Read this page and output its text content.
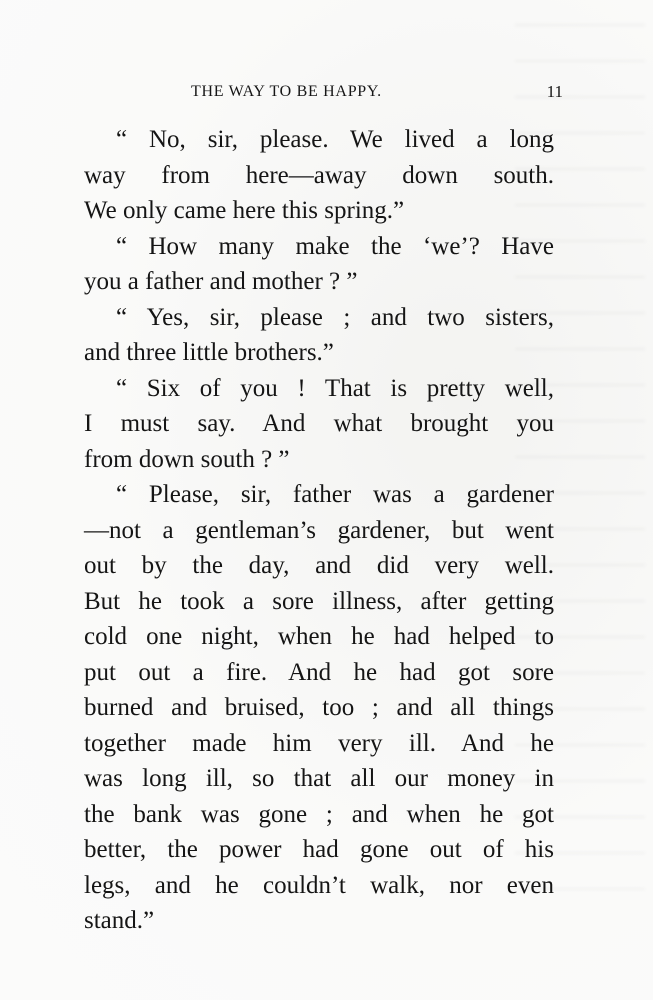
THE WAY TO BE HAPPY.	11
“ No, sir, please. We lived a long
way from here—away down south.
We only came here this spring.”
“ How many make the ‘we’? Have
you a father and mother ? ”
“ Yes, sir, please ; and two sisters,
and three little brothers.”
“ Six of you ! That is pretty well,
I must say. And what brought you
from down south ? ”
“ Please, sir, father was a gardener
—not a gentleman’s gardener, but went
out by the day, and did very well.
But he took a sore illness, after getting
cold one night, when he had helped to
put out a fire. And he had got sore
burned and bruised, too ; and all things
together made him very ill. And he
was long ill, so that all our money in
the bank was gone ; and when he got
better, the power had gone out of his
legs, and he couldn’t walk, nor even
stand.”
